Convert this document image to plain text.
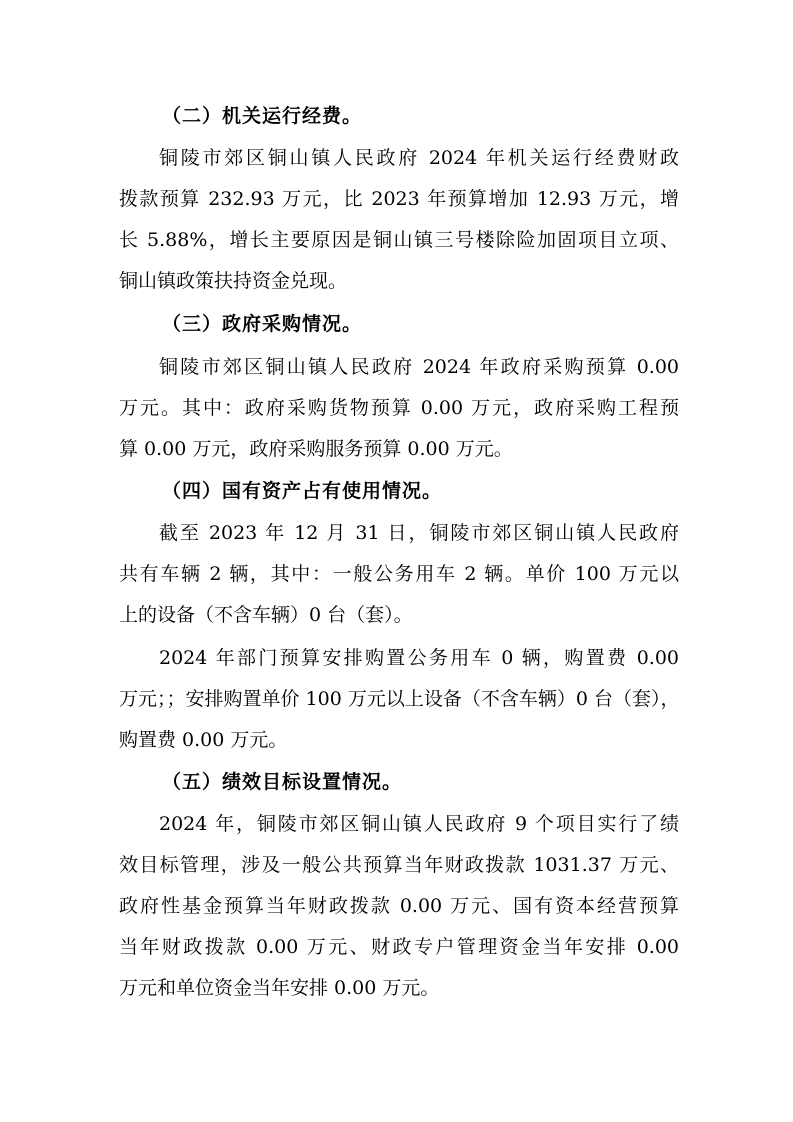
（二）机关运行经费。
铜陵市郊区铜山镇人民政府 2024 年机关运行经费财政
拨款预算 232.93 万元，比 2023 年预算增加 12.93 万元，增
长 5.88%，增长主要原因是铜山镇三号楼除险加固项目立项、
铜山镇政策扶持资金兑现。
（三）政府采购情况。
铜陵市郊区铜山镇人民政府 2024 年政府采购预算 0.00
万元。其中：政府采购货物预算 0.00 万元，政府采购工程预
算 0.00 万元，政府采购服务预算 0.00 万元。
（四）国有资产占有使用情况。
截至 2023 年 12 月 31 日，铜陵市郊区铜山镇人民政府
共有车辆 2 辆，其中：一般公务用车 2 辆。单价 100 万元以
上的设备（不含车辆）0 台（套）。
2024 年部门预算安排购置公务用车 0 辆，购置费 0.00
万元；；安排购置单价 100 万元以上设备（不含车辆）0 台（套），
购置费 0.00 万元。
（五）绩效目标设置情况。
2024 年，铜陵市郊区铜山镇人民政府 9 个项目实行了绩
效目标管理，涉及一般公共预算当年财政拨款 1031.37 万元、
政府性基金预算当年财政拨款 0.00 万元、国有资本经营预算
当年财政拨款 0.00 万元、财政专户管理资金当年安排 0.00
万元和单位资金当年安排 0.00 万元。
